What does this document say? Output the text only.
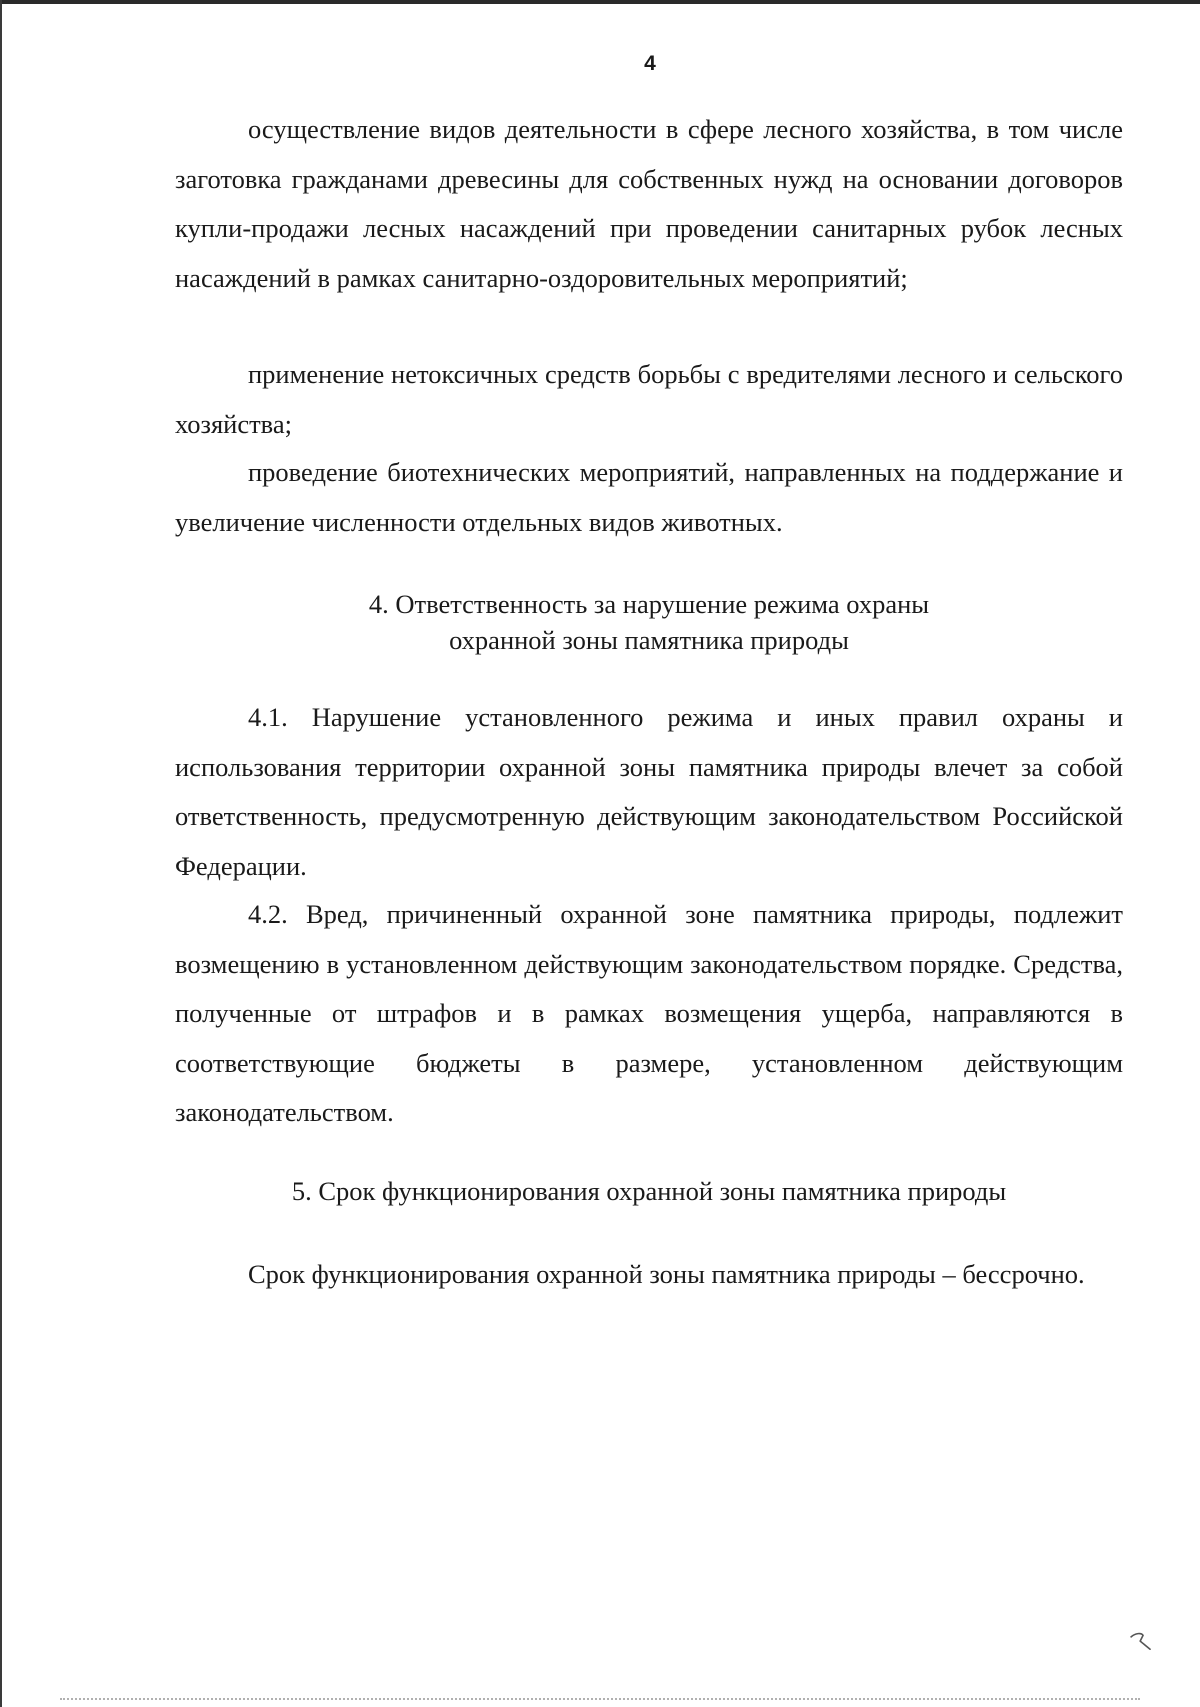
4

осуществление видов деятельности в сфере лесного хозяйства, в том числе заготовка гражданами древесины для собственных нужд на основании договоров купли-продажи лесных насаждений при проведении санитарных рубок лесных насаждений в рамках санитарно-оздоровительных мероприятий;

применение нетоксичных средств борьбы с вредителями лесного и сельского хозяйства;

проведение биотехнических мероприятий, направленных на поддержание и увеличение численности отдельных видов животных.

4. Ответственность за нарушение режима охраны
охранной зоны памятника природы

4.1. Нарушение установленного режима и иных правил охраны и использования территории охранной зоны памятника природы влечет за собой ответственность, предусмотренную действующим законодательством Российской Федерации.

4.2. Вред, причиненный охранной зоне памятника природы, подлежит возмещению в установленном действующим законодательством порядке. Средства, полученные от штрафов и в рамках возмещения ущерба, направляются в соответствующие бюджеты в размере, установленном действующим законодательством.

5. Срок функционирования охранной зоны памятника природы

Срок функционирования охранной зоны памятника природы – бессрочно.
